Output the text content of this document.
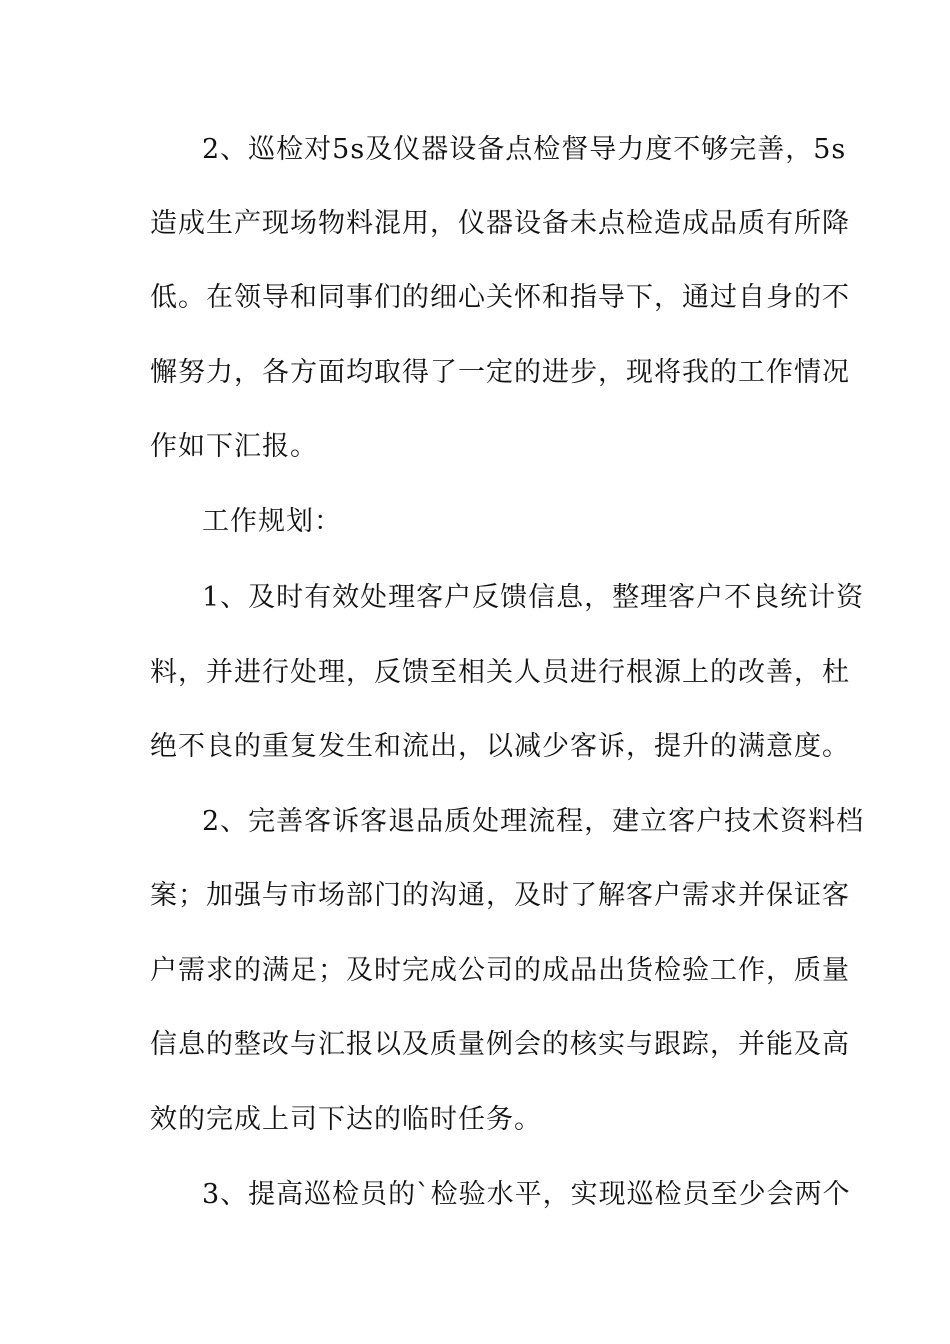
2、巡检对5s及仪器设备点检督导力度不够完善，5s
造成生产现场物料混用，仪器设备未点检造成品质有所降
低。在领导和同事们的细心关怀和指导下，通过自身的不
懈努力，各方面均取得了一定的进步，现将我的工作情况
作如下汇报。
工作规划：
1、及时有效处理客户反馈信息，整理客户不良统计资
料，并进行处理，反馈至相关人员进行根源上的改善，杜
绝不良的重复发生和流出，以减少客诉，提升的满意度。
2、完善客诉客退品质处理流程，建立客户技术资料档
案；加强与市场部门的沟通，及时了解客户需求并保证客
户需求的满足；及时完成公司的成品出货检验工作，质量
信息的整改与汇报以及质量例会的核实与跟踪，并能及高
效的完成上司下达的临时任务。
3、提高巡检员的`检验水平，实现巡检员至少会两个
